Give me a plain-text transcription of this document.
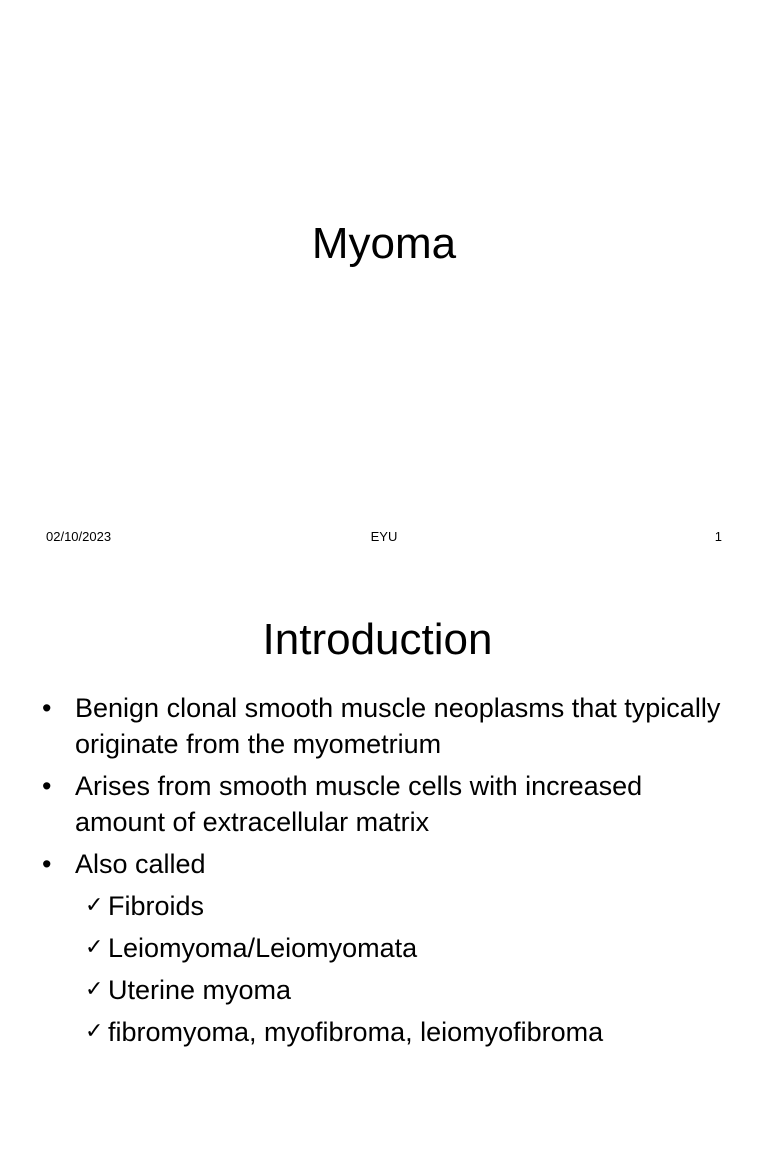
Myoma
02/10/2023	EYU	1
Introduction
• Benign clonal smooth muscle neoplasms that typically originate from the myometrium
• Arises from smooth muscle cells with increased amount of extracellular matrix
• Also called
✓ Fibroids
✓ Leiomyoma/Leiomyomata
✓ Uterine myoma
✓ fibromyoma, myofibroma, leiomyofibroma
